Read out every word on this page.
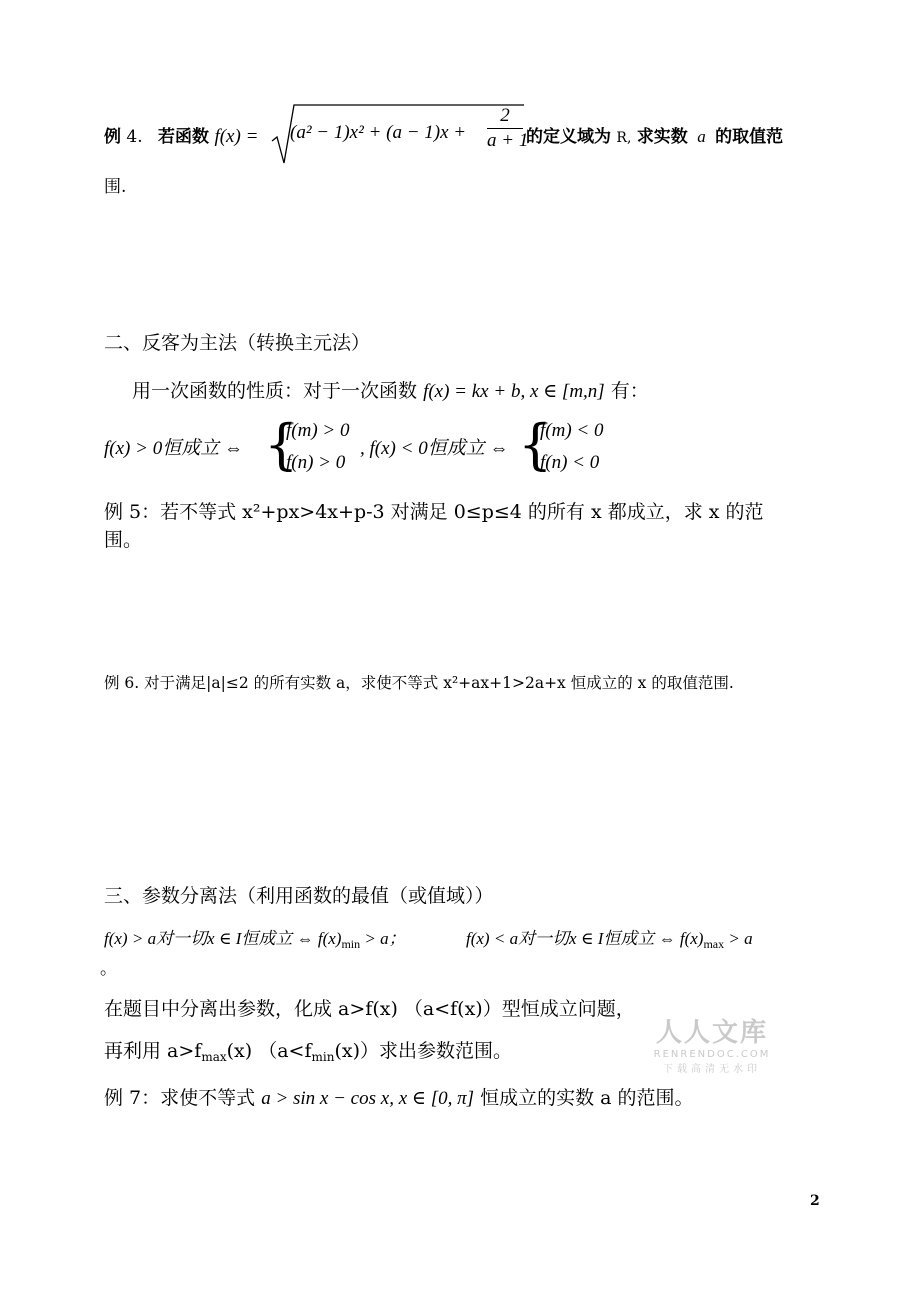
例 4. 若函数 $f(x) = (a^2 - 1)x^2 + (a - 1)x + \frac{2}{a + 1}$ 的定义域为 R, 求实数 a 的取值范
围.
二、反客为主法（转换主元法）
用一次函数的性质：对于一次函数 f(x) = kx + b, x ∈ [m,n] 有：
f(x) > 0恒成立 ⇔ {
f(m) > 0
f(n) > 0
, f(x) < 0恒成立 ⇔ {
f(m) < 0
f(n) < 0
例 5：若不等式 x²+px>4x+p-3 对满足 0≤p≤4 的所有 x 都成立，求 x 的范
围。
例 6. 对于满足|a|≤2 的所有实数 a，求使不等式 x²+ax+1>2a+x 恒成立的 x 的取值范围.
三、参数分离法（利用函数的最值（或值域））
f(x) > a对一切x ∈ I恒成立 ⇔ $f(x)_{min} > a$；	f(x) < a对一切x ∈ I恒成立 ⇔ $f(x)_{max} > a$
。
在题目中分离出参数，化成 a>f(x) （a<f(x)）型恒成立问题，
再利用 $a>f_{max}(x)$ $(a<f_{min}(x))$求出参数范围。
例 7：求使不等式 a > sin x − cos x, x ∈ [0, π] 恒成立的实数 a 的范围。
人人文库
RENRENDOC.COM
下载高清无水印
2
